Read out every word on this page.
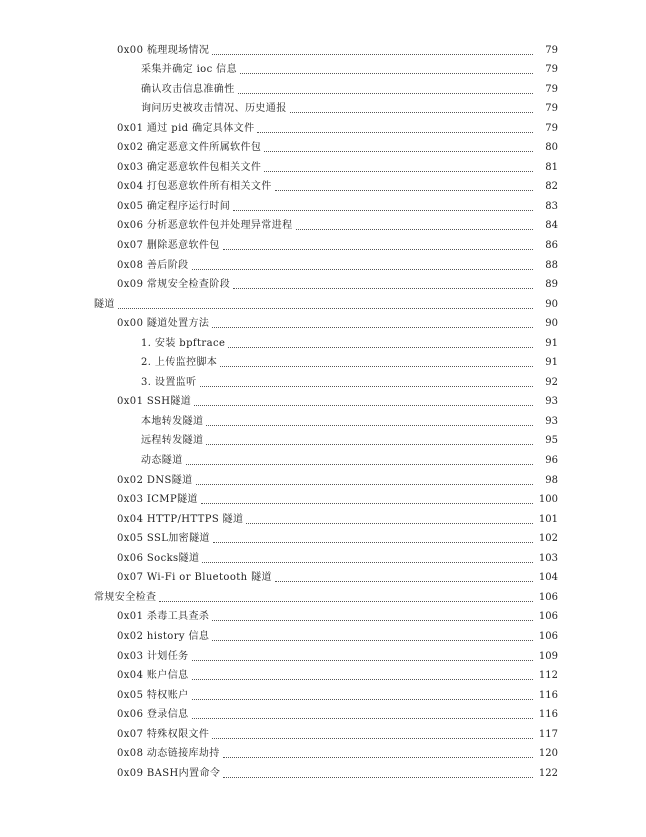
0x00 梳理现场情况	79
采集并确定 ioc 信息	79
确认攻击信息准确性	79
询问历史被攻击情况、历史通报	79
0x01 通过 pid 确定具体文件	79
0x02 确定恶意文件所属软件包	80
0x03 确定恶意软件包相关文件	81
0x04 打包恶意软件所有相关文件	82
0x05 确定程序运行时间	83
0x06 分析恶意软件包并处理异常进程	84
0x07 删除恶意软件包	86
0x08 善后阶段	88
0x09 常规安全检查阶段	89
隧道	90
0x00 隧道处置方法	90
1. 安装 bpftrace	91
2. 上传监控脚本	91
3. 设置监听	92
0x01 SSH隧道	93
本地转发隧道	93
远程转发隧道	95
动态隧道	96
0x02 DNS隧道	98
0x03 ICMP隧道	100
0x04 HTTP/HTTPS 隧道	101
0x05 SSL加密隧道	102
0x06 Socks隧道	103
0x07 Wi-Fi or Bluetooth 隧道	104
常规安全检查	106
0x01 杀毒工具查杀	106
0x02 history 信息	106
0x03 计划任务	109
0x04 账户信息	112
0x05 特权账户	116
0x06 登录信息	116
0x07 特殊权限文件	117
0x08 动态链接库劫持	120
0x09 BASH内置命令	122
